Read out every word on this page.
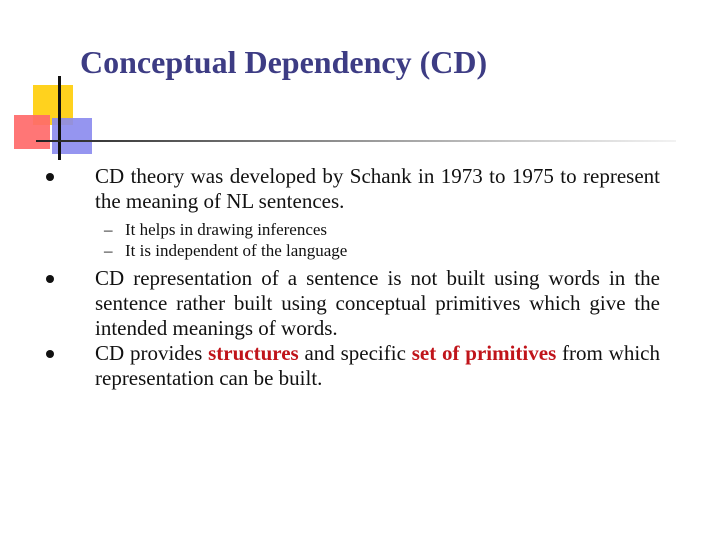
Conceptual Dependency (CD)

CD theory was developed by Schank in 1973 to 1975 to represent the meaning of NL sentences.

– It helps in drawing inferences

– It is independent of the language

CD representation of a sentence is not built using words in the sentence rather built using conceptual primitives which give the intended meanings of words.

CD provides structures and specific set of primitives from which representation can be built.
